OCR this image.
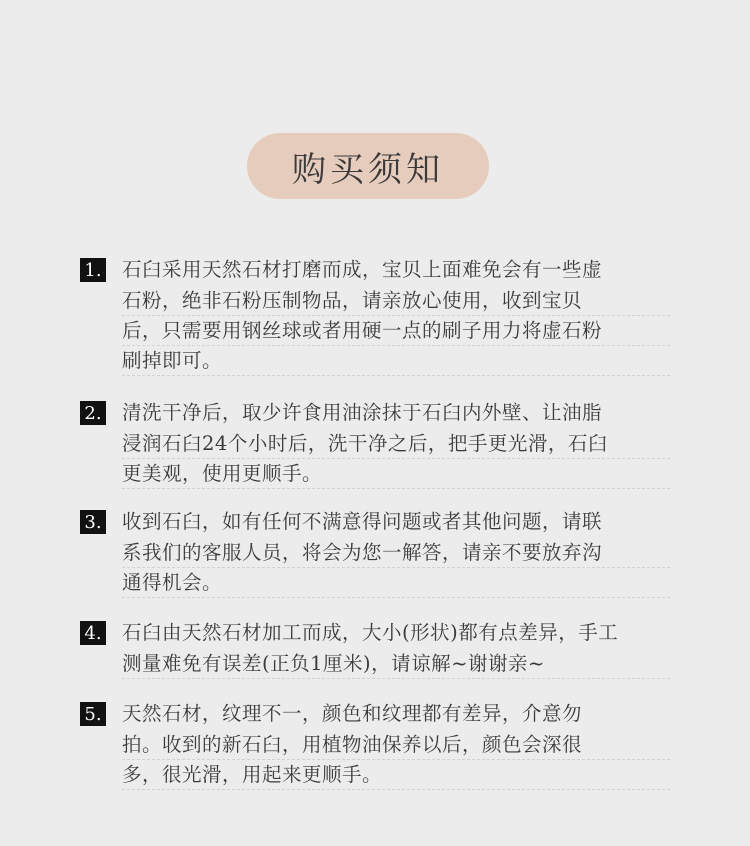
购买须知
1. 石臼采用天然石材打磨而成，宝贝上面难免会有一些虚
石粉，绝非石粉压制物品，请亲放心使用，收到宝贝
后，只需要用钢丝球或者用硬一点的刷子用力将虚石粉
刷掉即可。
2. 清洗干净后，取少许食用油涂抹于石臼内外壁、让油脂
浸润石臼24个小时后，洗干净之后，把手更光滑，石臼
更美观，使用更顺手。
3. 收到石臼，如有任何不满意得问题或者其他问题，请联
系我们的客服人员，将会为您一解答，请亲不要放弃沟
通得机会。
4. 石臼由天然石材加工而成，大小(形状)都有点差异，手工
测量难免有误差(正负1厘米)，请谅解~谢谢亲~
5. 天然石材，纹理不一，颜色和纹理都有差异，介意勿
拍。收到的新石臼，用植物油保养以后，颜色会深很
多，很光滑，用起来更顺手。
